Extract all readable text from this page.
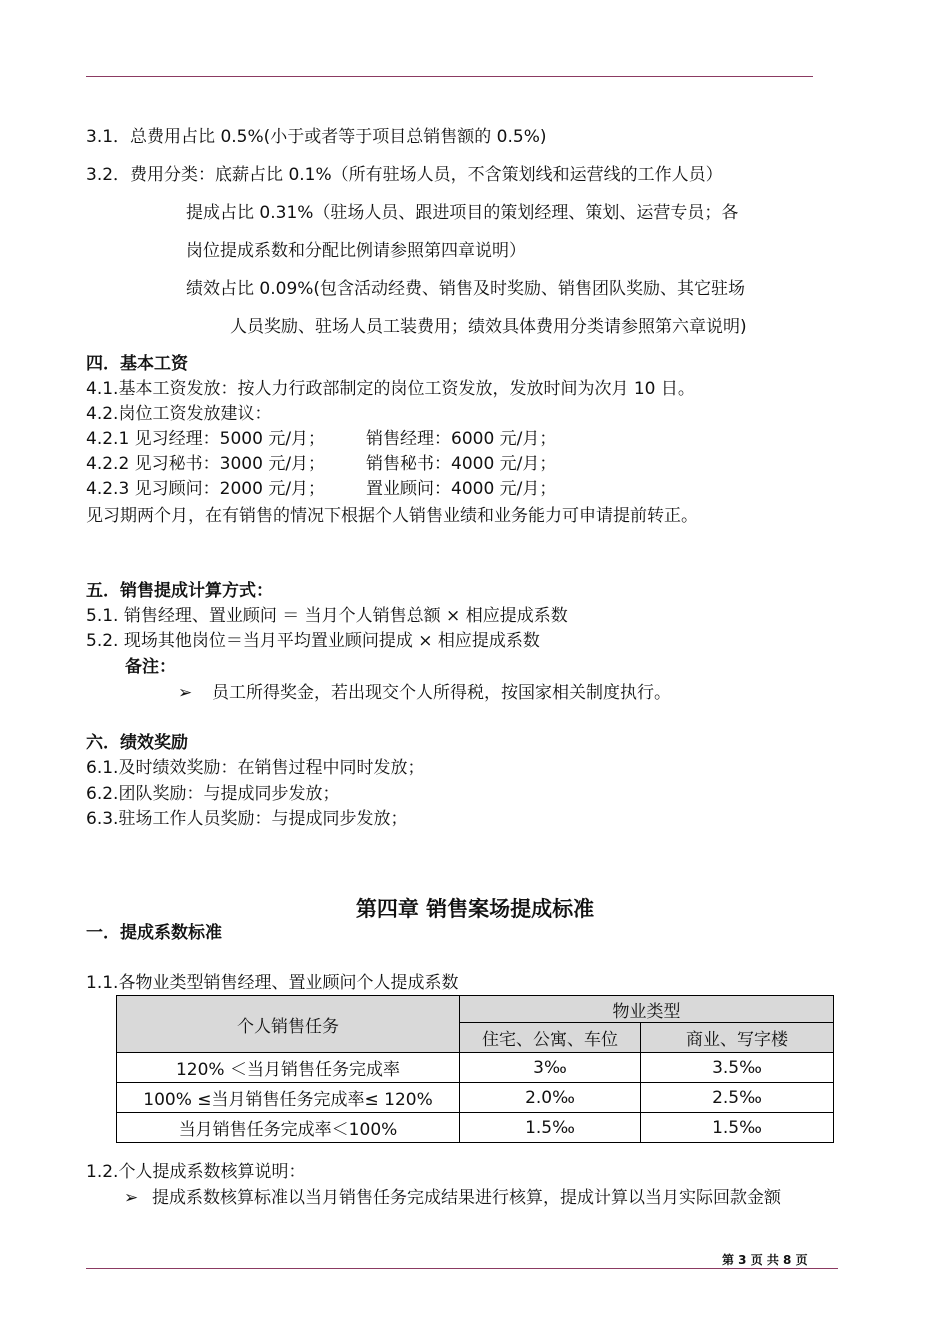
3.1．总费用占比 0.5%(小于或者等于项目总销售额的 0.5%)
3.2．费用分类：底薪占比 0.1%（所有驻场人员，不含策划线和运营线的工作人员）
提成占比 0.31%（驻场人员、跟进项目的策划经理、策划、运营专员；各
岗位提成系数和分配比例请参照第四章说明）
绩效占比 0.09%(包含活动经费、销售及时奖励、销售团队奖励、其它驻场
人员奖励、驻场人员工装费用；绩效具体费用分类请参照第六章说明)
四．基本工资
4.1.基本工资发放：按人力行政部制定的岗位工资发放，发放时间为次月 10 日。
4.2.岗位工资发放建议：
4.2.1 见习经理：5000 元/月； 销售经理：6000 元/月；
4.2.2 见习秘书：3000 元/月； 销售秘书：4000 元/月；
4.2.3 见习顾问：2000 元/月； 置业顾问：4000 元/月；
见习期两个月，在有销售的情况下根据个人销售业绩和业务能力可申请提前转正。
五．销售提成计算方式：
5.1. 销售经理、置业顾问 ＝ 当月个人销售总额 × 相应提成系数
5.2. 现场其他岗位＝当月平均置业顾问提成 × 相应提成系数
备注：
➢ 员工所得奖金，若出现交个人所得税，按国家相关制度执行。
六．绩效奖励
6.1.及时绩效奖励：在销售过程中同时发放；
6.2.团队奖励：与提成同步发放；
6.3.驻场工作人员奖励：与提成同步发放；
第四章 销售案场提成标准
一．提成系数标准
1.1.各物业类型销售经理、置业顾问个人提成系数
个人销售任务	物业类型	
	住宅、公寓、车位	商业、写字楼
120% ＜当月销售任务完成率	3‰	3.5‰
100% ≤当月销售任务完成率≤ 120%	2.0‰	2.5‰
当月销售任务完成率＜100%	1.5‰	1.5‰
1.2.个人提成系数核算说明：
➢ 提成系数核算标准以当月销售任务完成结果进行核算，提成计算以当月实际回款金额
第 3 页 共 8 页
